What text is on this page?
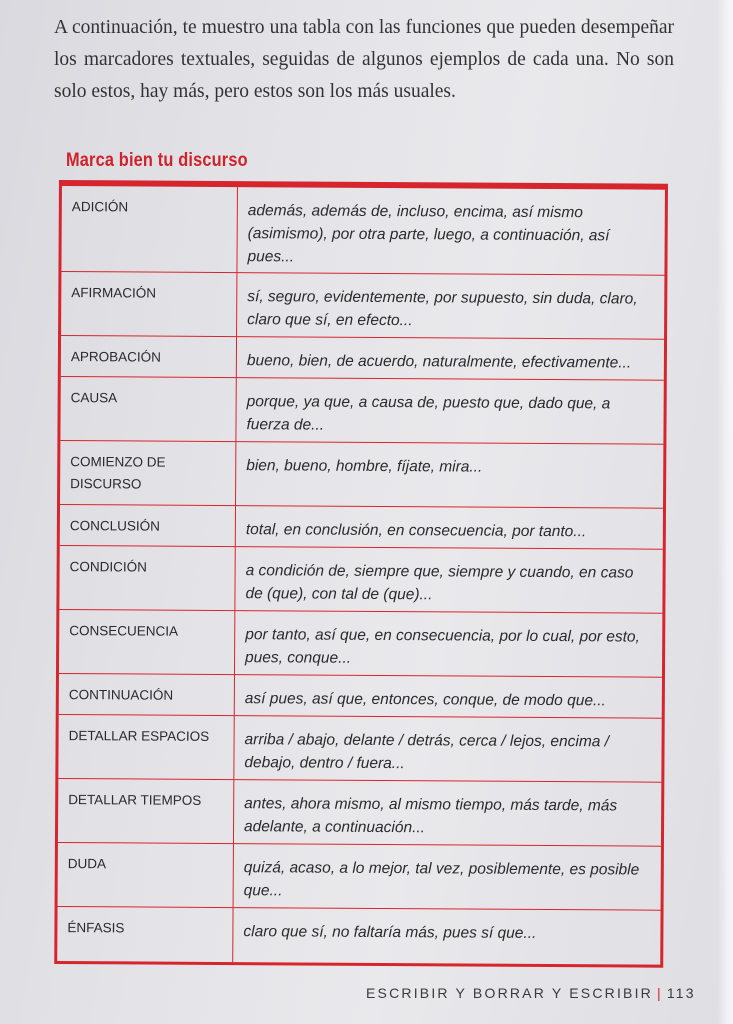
A continuación, te muestro una tabla con las funciones que pueden desempeñar los marcadores textuales, seguidas de algunos ejemplos de cada una. No son solo estos, hay más, pero estos son los más usuales.

Marca bien tu discurso
ADICIÓN	además, además de, incluso, encima, así mismo (asimismo), por otra parte, luego, a continuación, así pues...
AFIRMACIÓN	sí, seguro, evidentemente, por supuesto, sin duda, claro, claro que sí, en efecto...
APROBACIÓN	bueno, bien, de acuerdo, naturalmente, efectivamente...
CAUSA	porque, ya que, a causa de, puesto que, dado que, a fuerza de...
COMIENZO DE DISCURSO	bien, bueno, hombre, fíjate, mira...
CONCLUSIÓN	total, en conclusión, en consecuencia, por tanto...
CONDICIÓN	a condición de, siempre que, siempre y cuando, en caso de (que), con tal de (que)...
CONSECUENCIA	por tanto, así que, en consecuencia, por lo cual, por esto, pues, conque...
CONTINUACIÓN	así pues, así que, entonces, conque, de modo que...
DETALLAR ESPACIOS	arriba / abajo, delante / detrás, cerca / lejos, encima / debajo, dentro / fuera...
DETALLAR TIEMPOS	antes, ahora mismo, al mismo tiempo, más tarde, más adelante, a continuación...
DUDA	quizá, acaso, a lo mejor, tal vez, posiblemente, es posible que...
ÉNFASIS	claro que sí, no faltaría más, pues sí que...
ESCRIBIR Y BORRAR Y ESCRIBIR | 113
